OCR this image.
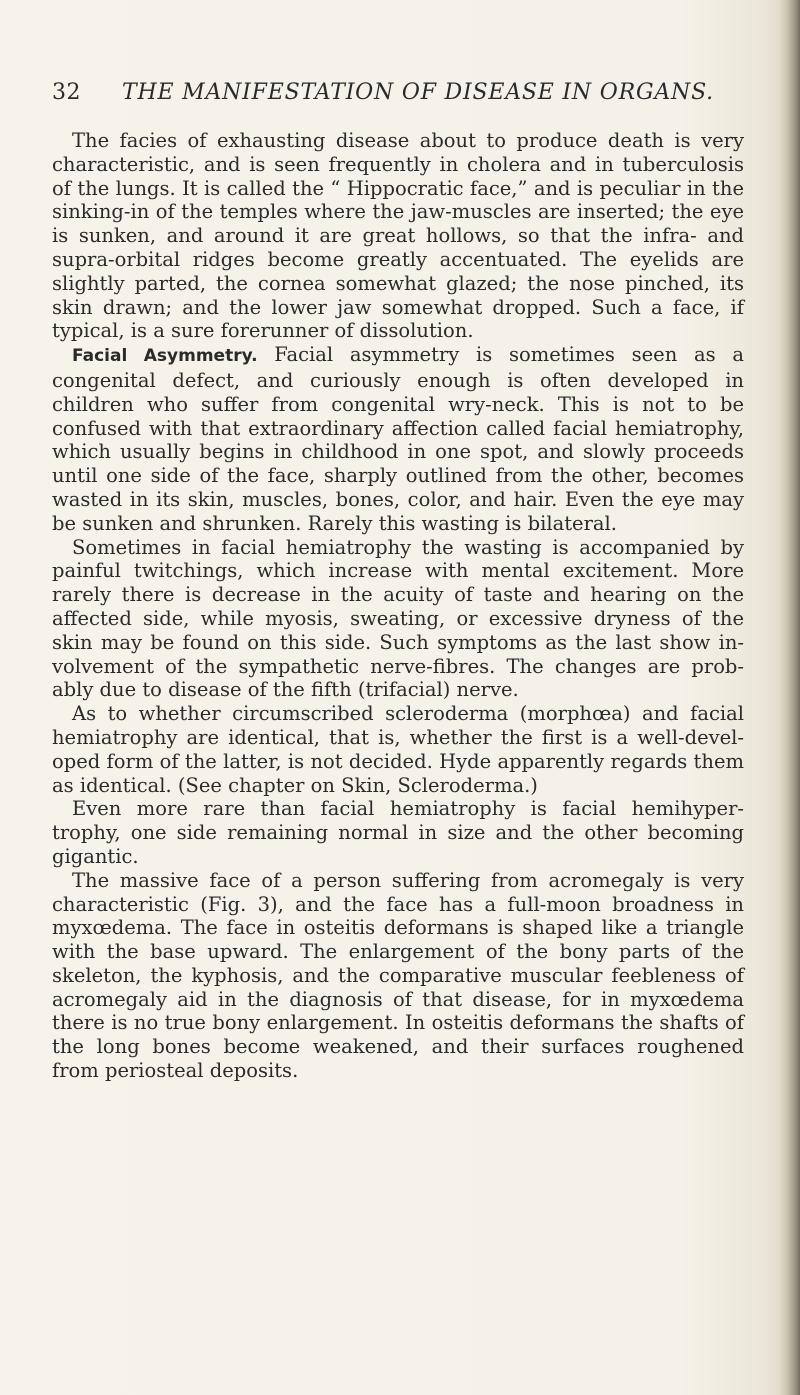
32 THE MANIFESTATION OF DISEASE IN ORGANS.

The facies of exhausting disease about to produce death is very characteristic, and is seen frequently in cholera and in tuberculosis of the lungs. It is called the “ Hippocratic face,” and is peculiar in the sinking-in of the temples where the jaw-muscles are inserted; the eye is sunken, and around it are great hollows, so that the infra- and supra-orbital ridges become greatly accentuated. The eyelids are slightly parted, the cornea somewhat glazed; the nose pinched, its skin drawn; and the lower jaw somewhat dropped. Such a face, if typical, is a sure forerunner of dissolution.

Facial Asymmetry. Facial asymmetry is sometimes seen as a congenital defect, and curiously enough is often developed in children who suffer from congenital wry-neck. This is not to be confused with that extraordinary affection called facial hemiatrophy, which usually begins in childhood in one spot, and slowly proceeds until one side of the face, sharply outlined from the other, becomes wasted in its skin, muscles, bones, color, and hair. Even the eye may be sunken and shrunken. Rarely this wasting is bilateral.

Sometimes in facial hemiatrophy the wasting is accompanied by painful twitchings, which increase with mental excitement. More rarely there is decrease in the acuity of taste and hearing on the affected side, while myosis, sweating, or excessive dryness of the skin may be found on this side. Such symptoms as the last show in- volvement of the sympathetic nerve-fibres. The changes are prob- ably due to disease of the fifth (trifacial) nerve.

As to whether circumscribed scleroderma (morphœa) and facial hemiatrophy are identical, that is, whether the first is a well-devel- oped form of the latter, is not decided. Hyde apparently regards them as identical. (See chapter on Skin, Scleroderma.)

Even more rare than facial hemiatrophy is facial hemihyper- trophy, one side remaining normal in size and the other becoming gigantic.

The massive face of a person suffering from acromegaly is very characteristic (Fig. 3), and the face has a full-moon broadness in myxœdema. The face in osteitis deformans is shaped like a triangle with the base upward. The enlargement of the bony parts of the skeleton, the kyphosis, and the comparative muscular feebleness of acromegaly aid in the diagnosis of that disease, for in myxœdema there is no true bony enlargement. In osteitis deformans the shafts of the long bones become weakened, and their surfaces roughened from periosteal deposits.
